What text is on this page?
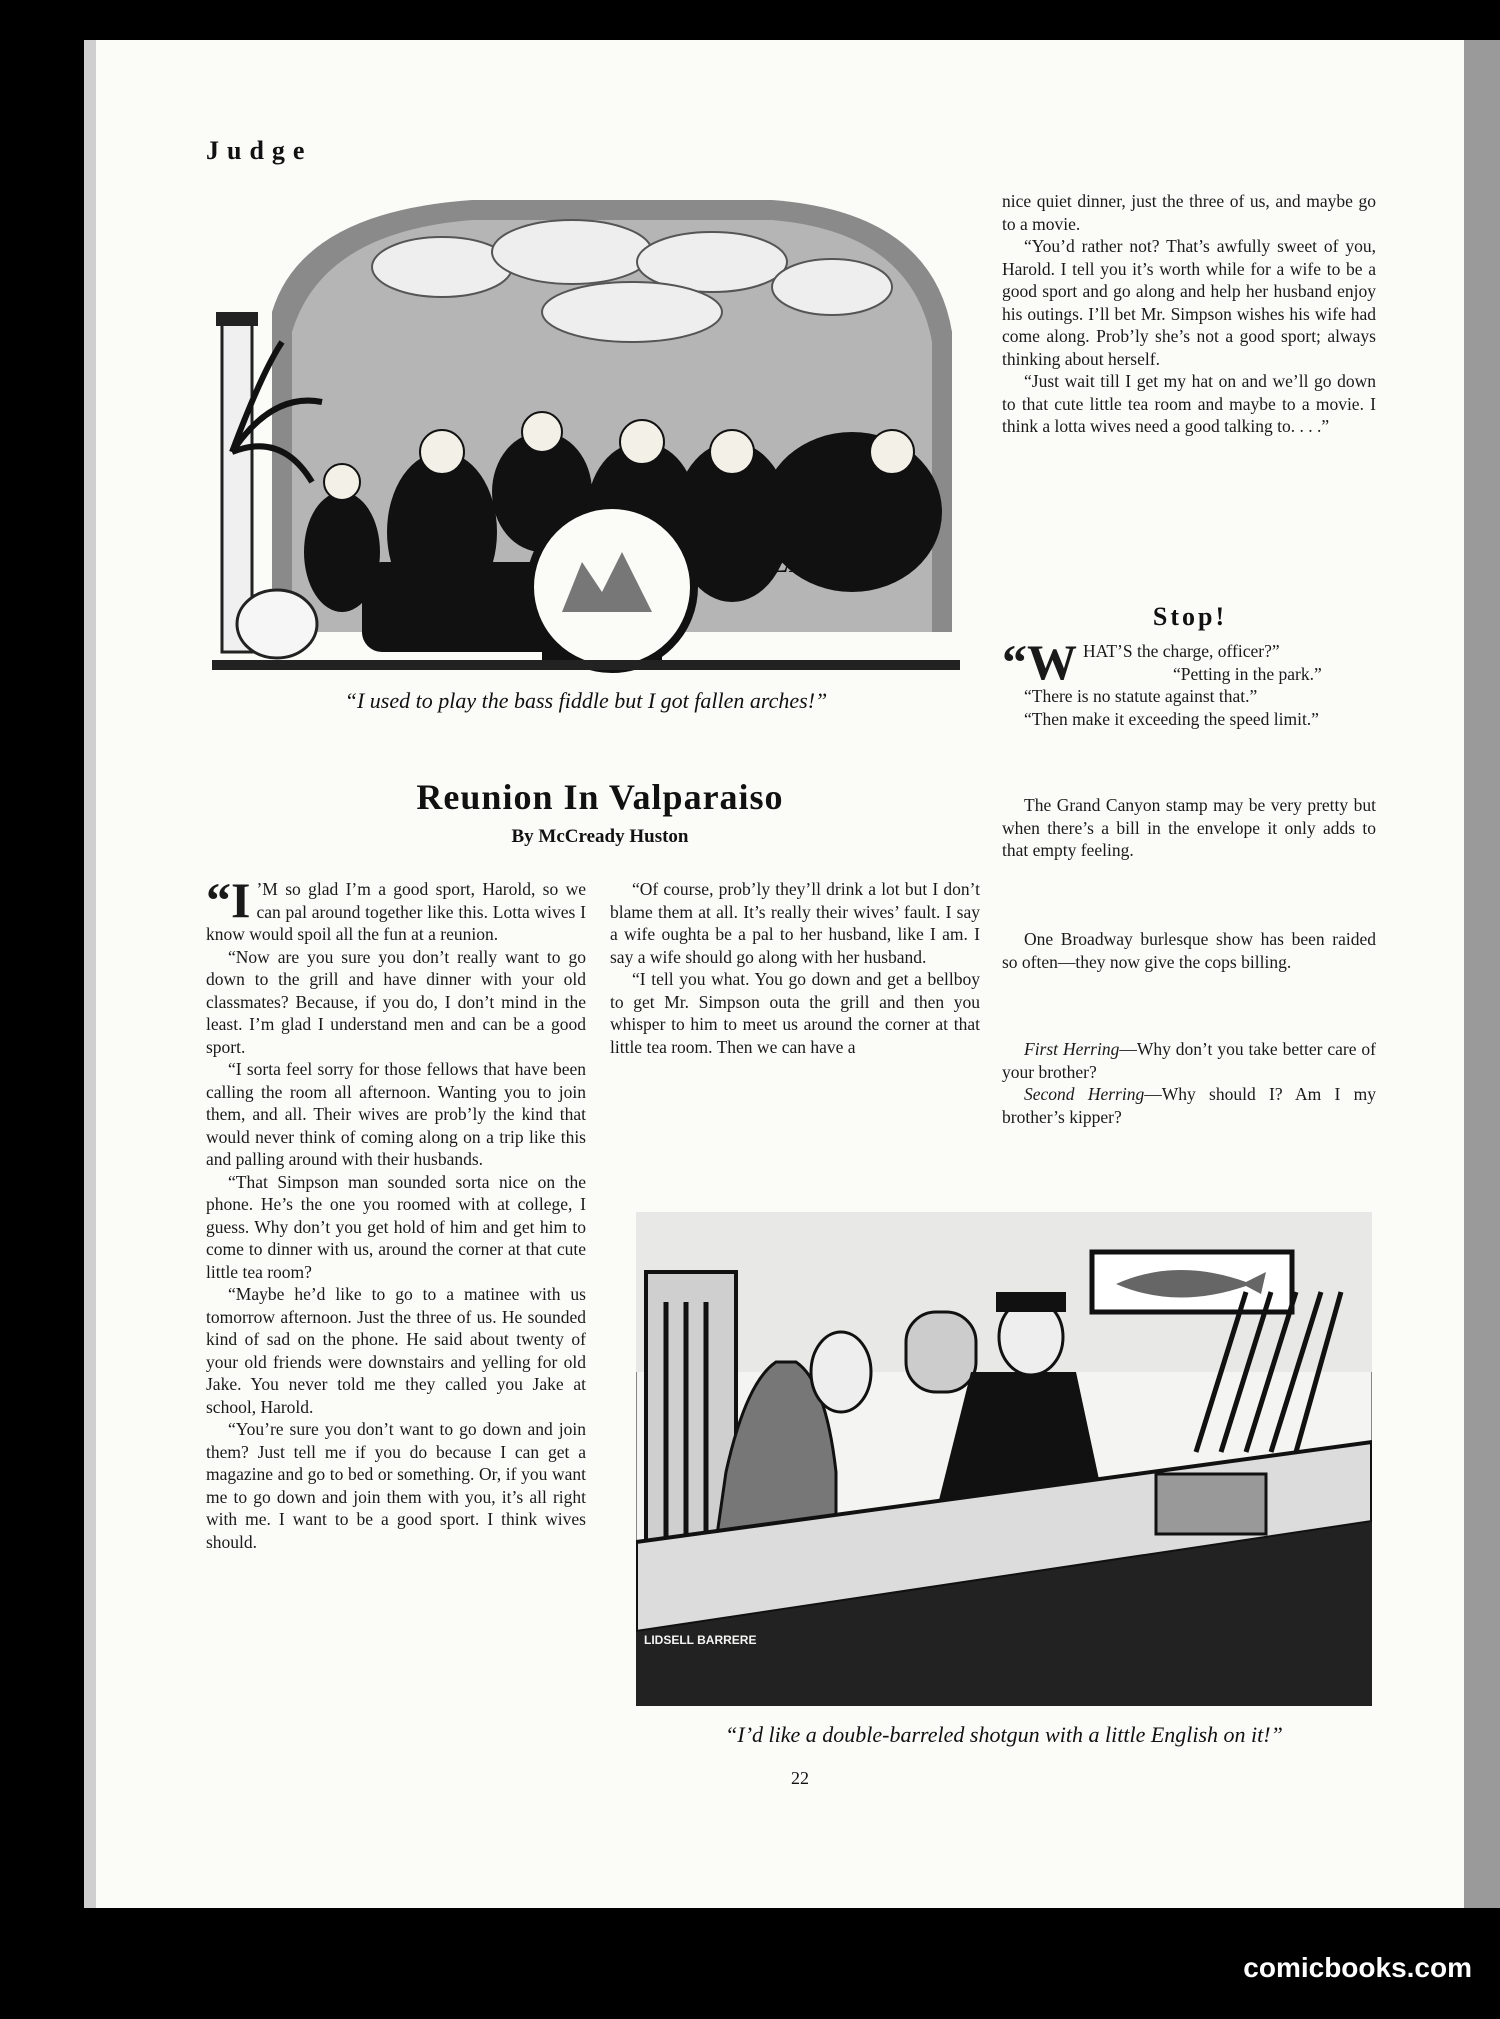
Judge
ZEZY
“I used to play the bass fiddle but I got fallen arches!”
Reunion In Valparaiso
By McCready Huston

“I ’M so glad I’m a good sport, Harold, so we can pal around together like this. Lotta wives I know would spoil all the fun at a reunion.

“Now are you sure you don’t really want to go down to the grill and have dinner with your old classmates? Because, if you do, I don’t mind in the least. I’m glad I understand men and can be a good sport.

“I sorta feel sorry for those fellows that have been calling the room all afternoon. Wanting you to join them, and all. Their wives are prob’ly the kind that would never think of coming along on a trip like this and palling around with their husbands.

“That Simpson man sounded sorta nice on the phone. He’s the one you roomed with at college, I guess. Why don’t you get hold of him and get him to come to dinner with us, around the corner at that cute little tea room?

“Maybe he’d like to go to a matinee with us tomorrow afternoon. Just the three of us. He sounded kind of sad on the phone. He said about twenty of your old friends were downstairs and yelling for old Jake. You never told me they called you Jake at school, Harold.

“You’re sure you don’t want to go down and join them? Just tell me if you do because I can get a magazine and go to bed or something. Or, if you want me to go down and join them with you, it’s all right with me. I want to be a good sport. I think wives should.

“Of course, prob’ly they’ll drink a lot but I don’t blame them at all. It’s really their wives’ fault. I say a wife oughta be a pal to her husband, like I am. I say a wife should go along with her husband.

“I tell you what. You go down and get a bellboy to get Mr. Simpson outa the grill and then you whisper to him to meet us around the corner at that little tea room. Then we can have a

nice quiet dinner, just the three of us, and maybe go to a movie.

“You’d rather not? That’s awfully sweet of you, Harold. I tell you it’s worth while for a wife to be a good sport and go along and help her husband enjoy his outings. I’ll bet Mr. Simpson wishes his wife had come along. Prob’ly she’s not a good sport; always thinking about herself.

“Just wait till I get my hat on and we’ll go down to that cute little tea room and maybe to a movie. I think a lotta wives need a good talking to. . . .”

Stop!

“W HAT’S the charge, officer?”

“Petting in the park.”

“There is no statute against that.”

“Then make it exceeding the speed limit.”

The Grand Canyon stamp may be very pretty but when there’s a bill in the envelope it only adds to that empty feeling.

One Broadway burlesque show has been raided so often—they now give the cops billing.

First Herring—Why don’t you take better care of your brother?

Second Herring—Why should I? Am I my brother’s kipper?

LIDSELL BARRERE
“I’d like a double-barreled shotgun with a little English on it!”
22
comicbooks.com
